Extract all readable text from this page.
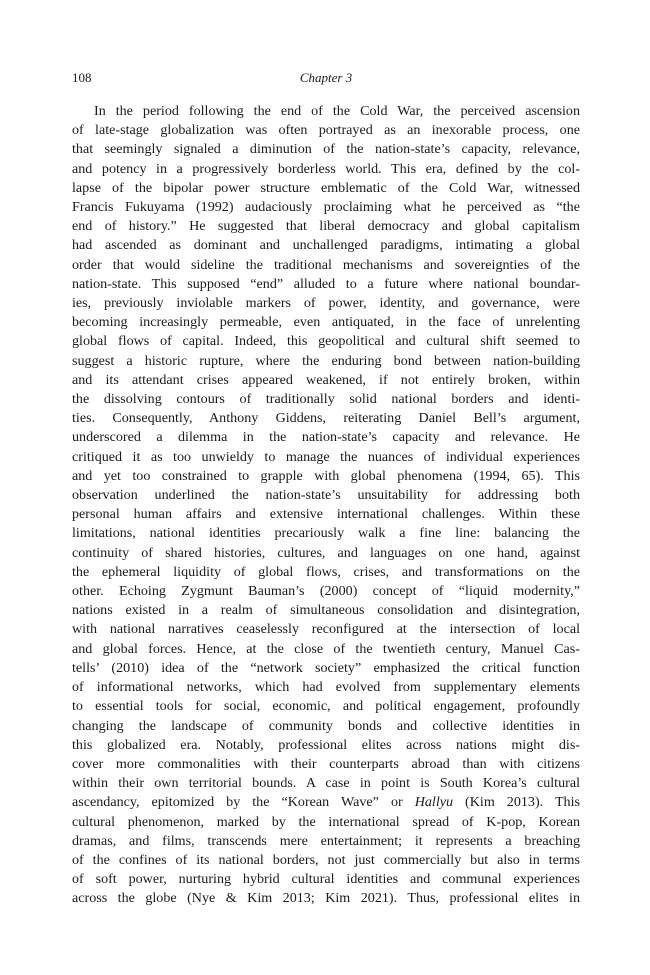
108	Chapter 3
In the period following the end of the Cold War, the perceived ascension
of late-stage globalization was often portrayed as an inexorable process, one
that seemingly signaled a diminution of the nation-state’s capacity, relevance,
and potency in a progressively borderless world. This era, defined by the col-
lapse of the bipolar power structure emblematic of the Cold War, witnessed
Francis Fukuyama (1992) audaciously proclaiming what he perceived as “the
end of history.” He suggested that liberal democracy and global capitalism
had ascended as dominant and unchallenged paradigms, intimating a global
order that would sideline the traditional mechanisms and sovereignties of the
nation-state. This supposed “end” alluded to a future where national boundar-
ies, previously inviolable markers of power, identity, and governance, were
becoming increasingly permeable, even antiquated, in the face of unrelenting
global flows of capital. Indeed, this geopolitical and cultural shift seemed to
suggest a historic rupture, where the enduring bond between nation-building
and its attendant crises appeared weakened, if not entirely broken, within
the dissolving contours of traditionally solid national borders and identi-
ties. Consequently, Anthony Giddens, reiterating Daniel Bell’s argument,
underscored a dilemma in the nation-state’s capacity and relevance. He
critiqued it as too unwieldy to manage the nuances of individual experiences
and yet too constrained to grapple with global phenomena (1994, 65). This
observation underlined the nation-state’s unsuitability for addressing both
personal human affairs and extensive international challenges. Within these
limitations, national identities precariously walk a fine line: balancing the
continuity of shared histories, cultures, and languages on one hand, against
the ephemeral liquidity of global flows, crises, and transformations on the
other. Echoing Zygmunt Bauman’s (2000) concept of “liquid modernity,”
nations existed in a realm of simultaneous consolidation and disintegration,
with national narratives ceaselessly reconfigured at the intersection of local
and global forces. Hence, at the close of the twentieth century, Manuel Cas-
tells’ (2010) idea of the “network society” emphasized the critical function
of informational networks, which had evolved from supplementary elements
to essential tools for social, economic, and political engagement, profoundly
changing the landscape of community bonds and collective identities in
this globalized era. Notably, professional elites across nations might dis-
cover more commonalities with their counterparts abroad than with citizens
within their own territorial bounds. A case in point is South Korea’s cultural
ascendancy, epitomized by the “Korean Wave” or Hallyu (Kim 2013). This
cultural phenomenon, marked by the international spread of K-pop, Korean
dramas, and films, transcends mere entertainment; it represents a breaching
of the confines of its national borders, not just commercially but also in terms
of soft power, nurturing hybrid cultural identities and communal experiences
across the globe (Nye & Kim 2013; Kim 2021). Thus, professional elites in
